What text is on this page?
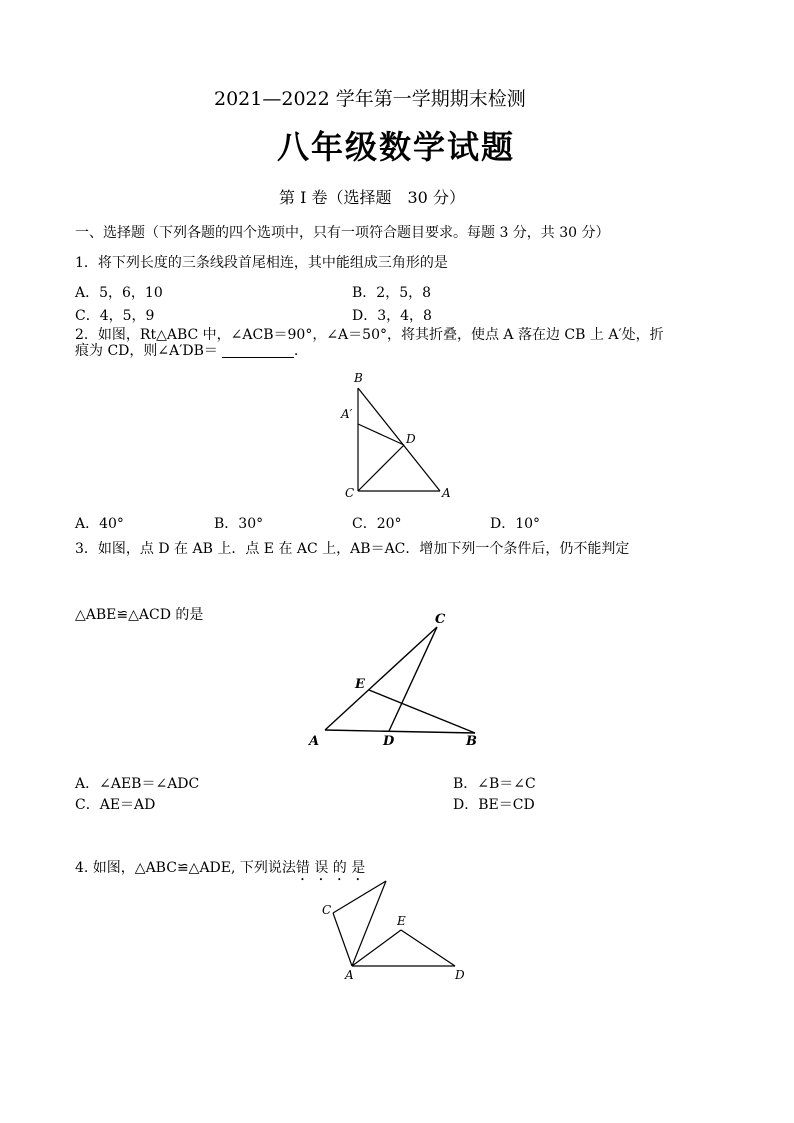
2021—2022 学年第一学期期末检测
八年级数学试题
第 I 卷（选择题　30 分）
一、选择题（下列各题的四个选项中，只有一项符合题目要求。每题 3 分，共 30 分）
1．将下列长度的三条线段首尾相连，其中能组成三角形的是
A．5，6，10	B．2，5，8
C．4，5，9	D．3，4，8
2．如图，Rt△ABC 中，∠ACB＝90°，∠A＝50°，将其折叠，使点 A 落在边 CB 上 A′处，折
痕为 CD，则∠A′DB＝	.
B
A′
D
C	A
A．40°	B．30°	C．20°	D．10°
3．如图，点 D 在 AB 上．点 E 在 AC 上，AB＝AC．增加下列一个条件后，仍不能判定
△ABE≌△ACD 的是	C
E
A	D	B
A．∠AEB＝∠ADC	B．∠B＝∠C
C．AE＝AD	D．BE＝CD
4. 如图，△ABC≌△ADE, 下列说法错 误 的 是
C
E
A	D
